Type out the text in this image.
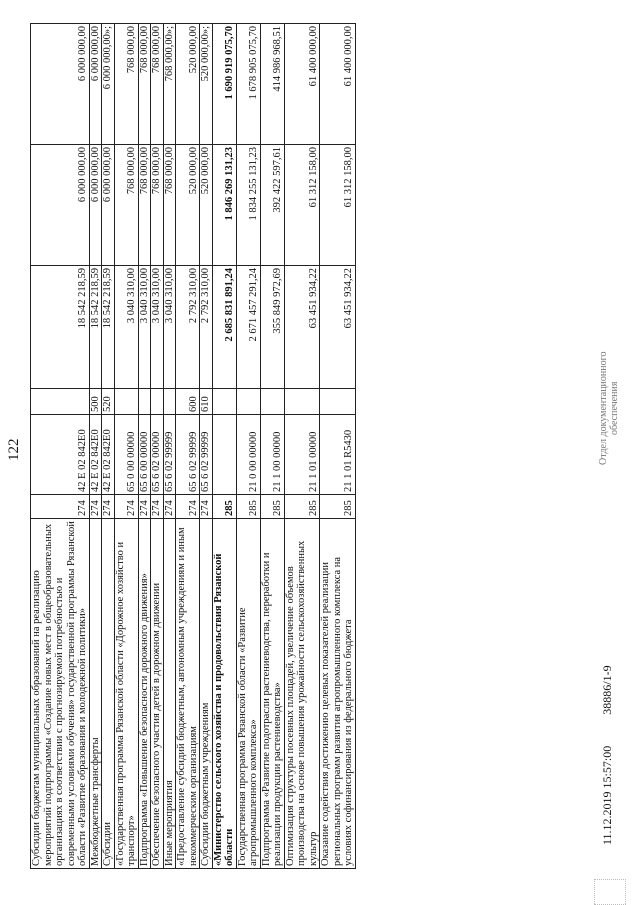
122
Субсидии бюджетам муниципальных образований на реализацию мероприятий подпрограммы «Создание новых мест в общеобразовательных организациях в соответствии с прогнозируемой потребностью и современными условиями обучения» государственной программы Рязанской области «Развитие образования и молодежной политики»	274	42 Е 02 842Е0		18 542 218,59	6 000 000,00	6 000 000,00
Межбюджетные трансферты	274	42 Е 02 842Е0	500	18 542 218,59	6 000 000,00	6 000 000,00
Субсидии	274	42 Е 02 842Е0	520	18 542 218,59	6 000 000,00	6 000 000,00»;
«Государственная программа Рязанской области «Дорожное хозяйство и транспорт»	274	65 0 00 00000		3 040 310,00	768 000,00	768 000,00
Подпрограмма «Повышение безопасности дорожного движения»	274	65 6 00 00000		3 040 310,00	768 000,00	768 000,00
Обеспечение безопасного участия детей в дорожном движении	274	65 6 02 00000		3 040 310,00	768 000,00	768 000,00
Иные мероприятия	274	65 6 02 99999		3 040 310,00	768 000,00	768 000,00»;
«Предоставление субсидий бюджетным, автономным учреждениям и иным некоммерческим организациям	274	65 6 02 99999	600	2 792 310,00	520 000,00	520 000,00
Субсидии бюджетным учреждениям	274	65 6 02 99999	610	2 792 310,00	520 000,00	520 000,00»;
«Министерство сельского хозяйства и продовольствия Рязанской области	285			2 685 831 891,24	1 846 269 131,23	1 690 919 075,70
Государственная программа Рязанской области «Развитие агропромышленного комплекса»	285	21 0 00 00000		2 671 457 291,24	1 834 255 131,23	1 678 905 075,70
Подпрограмма «Развитие подотрасли растениеводства, переработки и реализации продукции растениеводства»	285	21 1 00 00000		355 849 972,69	392 422 597,61	414 986 968,51
Оптимизация структуры посевных площадей, увеличение объемов производства на основе повышения урожайности сельскохозяйственных культур	285	21 1 01 00000		63 451 934,22	61 312 158,00	61 400 000,00
Оказание содействия достижению целевых показателей реализации региональных программ развития агропромышленного комплекса на условиях софинансирования из федерального бюджета	285	21 1 01 R5430		63 451 934,22	61 312 158,00	61 400 000,00
11.12.2019 15:57:00 38886/1-9
Отдел документационного обеспечения
